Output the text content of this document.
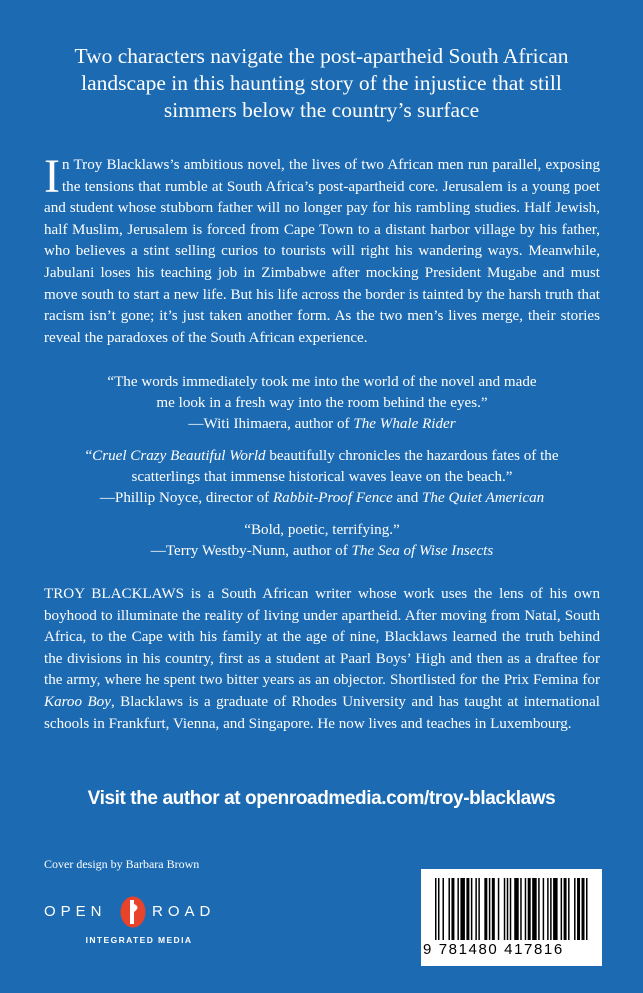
Two characters navigate the post-apartheid South African landscape in this haunting story of the injustice that still simmers below the country’s surface

In Troy Blacklaws’s ambitious novel, the lives of two African men run parallel, exposing the tensions that rumble at South Africa’s post-apartheid core. Jerusalem is a young poet and student whose stubborn father will no longer pay for his rambling studies. Half Jewish, half Muslim, Jerusalem is forced from Cape Town to a distant harbor village by his father, who believes a stint selling curios to tourists will right his wandering ways. Meanwhile, Jabulani loses his teaching job in Zimbabwe after mocking President Mugabe and must move south to start a new life. But his life across the border is tainted by the harsh truth that racism isn’t gone; it’s just taken another form. As the two men’s lives merge, their stories reveal the paradoxes of the South African experience.

“The words immediately took me into the world of the novel and made
me look in a fresh way into the room behind the eyes.”
—Witi Ihimaera, author of The Whale Rider

“Cruel Crazy Beautiful World beautifully chronicles the hazardous fates of the
scatterlings that immense historical waves leave on the beach.”
—Phillip Noyce, director of Rabbit-Proof Fence and The Quiet American

“Bold, poetic, terrifying.”
—Terry Westby-Nunn, author of The Sea of Wise Insects

TROY BLACKLAWS is a South African writer whose work uses the lens of his own boyhood to illuminate the reality of living under apartheid. After moving from Natal, South Africa, to the Cape with his family at the age of nine, Blacklaws learned the truth behind the divisions in his country, first as a student at Paarl Boys’ High and then as a draftee for the army, where he spent two bitter years as an objector. Shortlisted for the Prix Femina for Karoo Boy, Blacklaws is a graduate of Rhodes University and has taught at international schools in Frankfurt, Vienna, and Singapore. He now lives and teaches in Luxembourg.

Visit the author at openroadmedia.com/troy-blacklaws
Cover design by Barbara Brown
OPEN	ROAD
INTEGRATED MEDIA
9 781480 417816
